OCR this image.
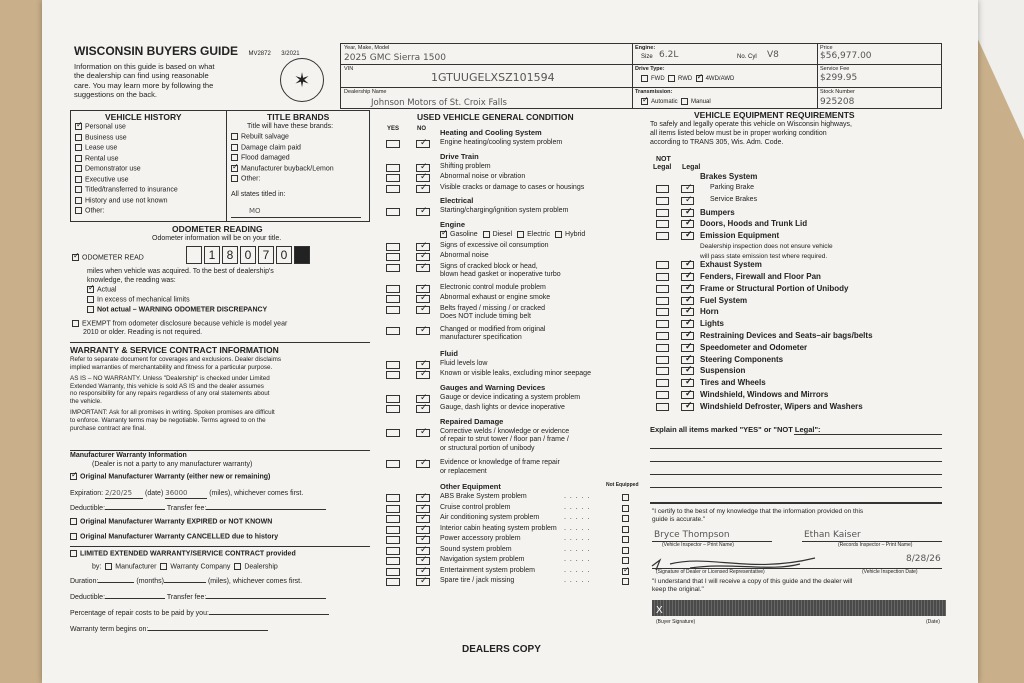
WISCONSIN BUYERS GUIDE MV2872 3/2021
Information on this guide is based on what
the dealership can find using reasonable
care. You may learn more by following the
suggestions on the back.
✶
Year, Make, Model
2025 GMC Sierra 1500
VIN
1GTUUGELXSZ101594
Dealership Name
Johnson Motors of St. Croix Falls
Engine:
Size 6.2L	No. Cyl V8
Drive Type:
FWD RWD  ✓ 4WD/AWD
Transmission:
✓Automatic Manual
Price
$56,977.00
Service Fee
$299.95
Stock Number
925208
VEHICLE HISTORY
✓Personal use
Business use
Lease use
Rental use
Demonstrator use
Executive use
Titled/transferred to insurance
History and use not known
Other:
TITLE BRANDS
Title will have these brands:
Rebuilt salvage
Damage claim paid
Flood damaged
✓Manufacturer buyback/Lemon
Other:
All states titled in:
MO
ODOMETER READING
Odometer information will be on your title.
✓ODOMETER READ	1 8 0 7 0
miles when vehicle was acquired. To the best of dealership's
knowledge, the reading was:
✓Actual
In excess of mechanical limits
Not actual – WARNING ODOMETER DISCREPANCY
EXEMPT from odometer disclosure because vehicle is model year
2010 or older. Reading is not required.
WARRANTY & SERVICE CONTRACT INFORMATION
Refer to separate document for coverages and exclusions. Dealer disclaims
implied warranties of merchantability and fitness for a particular purpose.
AS IS – NO WARRANTY. Unless "Dealership" is checked under Limited
Extended Warranty, this vehicle is sold AS IS and the dealer assumes
no responsibility for any repairs regardless of any oral statements about
the vehicle.
IMPORTANT: Ask for all promises in writing. Spoken promises are difficult
to enforce. Warranty terms may be negotiable. Terms agreed to on the
purchase contract are final.
Manufacturer Warranty Information
(Dealer is not a party to any manufacturer warranty)
✓Original Manufacturer Warranty (either new or remaining)
Expiration: 2/20/25 (date) 36000	(miles), whichever comes first.
Deductible:	Transfer fee:
Original Manufacturer Warranty EXPIRED or NOT KNOWN
Original Manufacturer Warranty CANCELLED due to history
LIMITED EXTENDED WARRANTY/SERVICE CONTRACT provided
by: Manufacturer Warranty Company Dealership
Duration:	(months)	(miles), whichever comes first.
Deductible:	Transfer fee:
Percentage of repair costs to be paid by you:
Warranty term begins on:
USED VEHICLE GENERAL CONDITION
YES	NO	Heating and Cooling System
✓
Engine heating/cooling system problem
Drive Train
✓
Shifting problem
✓
Abnormal noise or vibration
✓
Visible cracks or damage to cases or housings
Electrical
✓
Starting/charging/ignition system problem
Engine
✓Gasoline Diesel Electric Hybrid
✓
Signs of excessive oil consumption
✓
Abnormal noise
✓
Signs of cracked block or head,
blown head gasket or inoperative turbo
✓
Electronic control module problem
✓
Abnormal exhaust or engine smoke
✓
Belts frayed / missing / or cracked
Does NOT include timing belt
✓
Changed or modified from original
manufacturer specification
Fluid
✓
Fluid levels low
✓
Known or visible leaks, excluding minor seepage
Gauges and Warning Devices
✓
Gauge or device indicating a system problem
✓
Gauge, dash lights or device inoperative
Repaired Damage
✓
Corrective welds / knowledge or evidence
of repair to strut tower / floor pan / frame /
or structural portion of unibody
✓
Evidence or knowledge of frame repair
or replacement
Other Equipment	Not Equipped
✓
ABS Brake System problem	. . . . .
✓
Cruise control problem	. . . . .
✓
Air conditioning system problem	. . . . .
✓
Interior cabin heating system problem . . . . .
✓
Power accessory problem	. . . . .
✓
Sound system problem	. . . . .
✓
Navigation system problem	. . . . .
✓
Entertainment system problem	. . . . .
✓
✓
Spare tire / jack missing	. . . . .
VEHICLE EQUIPMENT REQUIREMENTS
To safely and legally operate this vehicle on Wisconsin highways,
all items listed below must be in proper working condition
according to TRANS 305, Wis. Adm. Code.
NOT
Legal Legal
Brakes System
✓
Parking Brake
✓
Service Brakes
✓
Bumpers
✓
Doors, Hoods and Trunk Lid
✓
Emission Equipment
Dealership inspection does not ensure vehicle
will pass state emission test where required.
✓
Exhaust System
✓
Fenders, Firewall and Floor Pan
✓
Frame or Structural Portion of Unibody
✓
Fuel System
✓
Horn
✓
Lights
✓
Restraining Devices and Seats–air bags/belts
✓
Speedometer and Odometer
✓
Steering Components
✓
Suspension
✓
Tires and Wheels
✓
Windshield, Windows and Mirrors
✓
Windshield Defroster, Wipers and Washers
Explain all items marked "YES" or "NOT Legal":
"I certify to the best of my knowledge that the information provided on this
guide is accurate."
Bryce Thompson	Ethan Kaiser
(Vehicle Inspector – Print Name)	(Records Inspector – Print Name)
8/28/26
(Signature of Dealer or Licensed Representative)	(Vehicle Inspection Date)
"I understand that I will receive a copy of this guide and the dealer will
keep the original."
X
(Buyer Signature)	(Date)
DEALERS COPY
